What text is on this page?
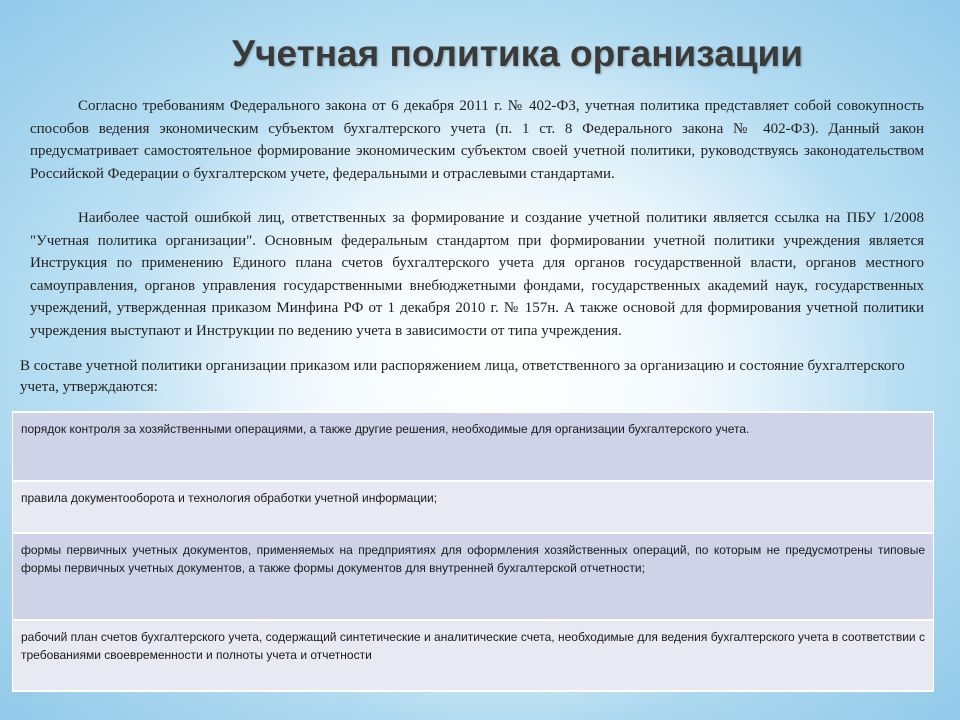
Учетная политика организации

Согласно требованиям Федерального закона от 6 декабря 2011 г. № 402-ФЗ, учетная политика представляет собой совокупность способов ведения экономическим субъектом бухгалтерского учета (п. 1 ст. 8 Федерального закона № 402-ФЗ). Данный закон предусматривает самостоятельное формирование экономическим субъектом своей учетной политики, руководствуясь законодательством Российской Федерации о бухгалтерском учете, федеральными и отраслевыми стандартами.

Наиболее частой ошибкой лиц, ответственных за формирование и создание учетной политики является ссылка на ПБУ 1/2008 "Учетная политика организации". Основным федеральным стандартом при формировании учетной политики учреждения является Инструкция по применению Единого плана счетов бухгалтерского учета для органов государственной власти, органов местного самоуправления, органов управления государственными внебюджетными фондами, государственных академий наук, государственных учреждений, утвержденная приказом Минфина РФ от 1 декабря 2010 г. № 157н. А также основой для формирования учетной политики учреждения выступают и Инструкции по ведению учета в зависимости от типа учреждения.

В составе учетной политики организации приказом или распоряжением лица, ответственного за организацию и состояние бухгалтерского учета, утверждаются:

порядок контроля за хозяйственными операциями, а также другие решения, необходимые для организации бухгалтерского учета.
правила документооборота и технология обработки учетной информации;
формы первичных учетных документов, применяемых на предприятиях для оформления хозяйственных операций, по которым не предусмотрены типовые формы первичных учетных документов, а также формы документов для внутренней бухгалтерской отчетности;
рабочий план счетов бухгалтерского учета, содержащий синтетические и аналитические счета, необходимые для ведения бухгалтерского учета в соответствии с требованиями своевременности и полноты учета и отчетности
